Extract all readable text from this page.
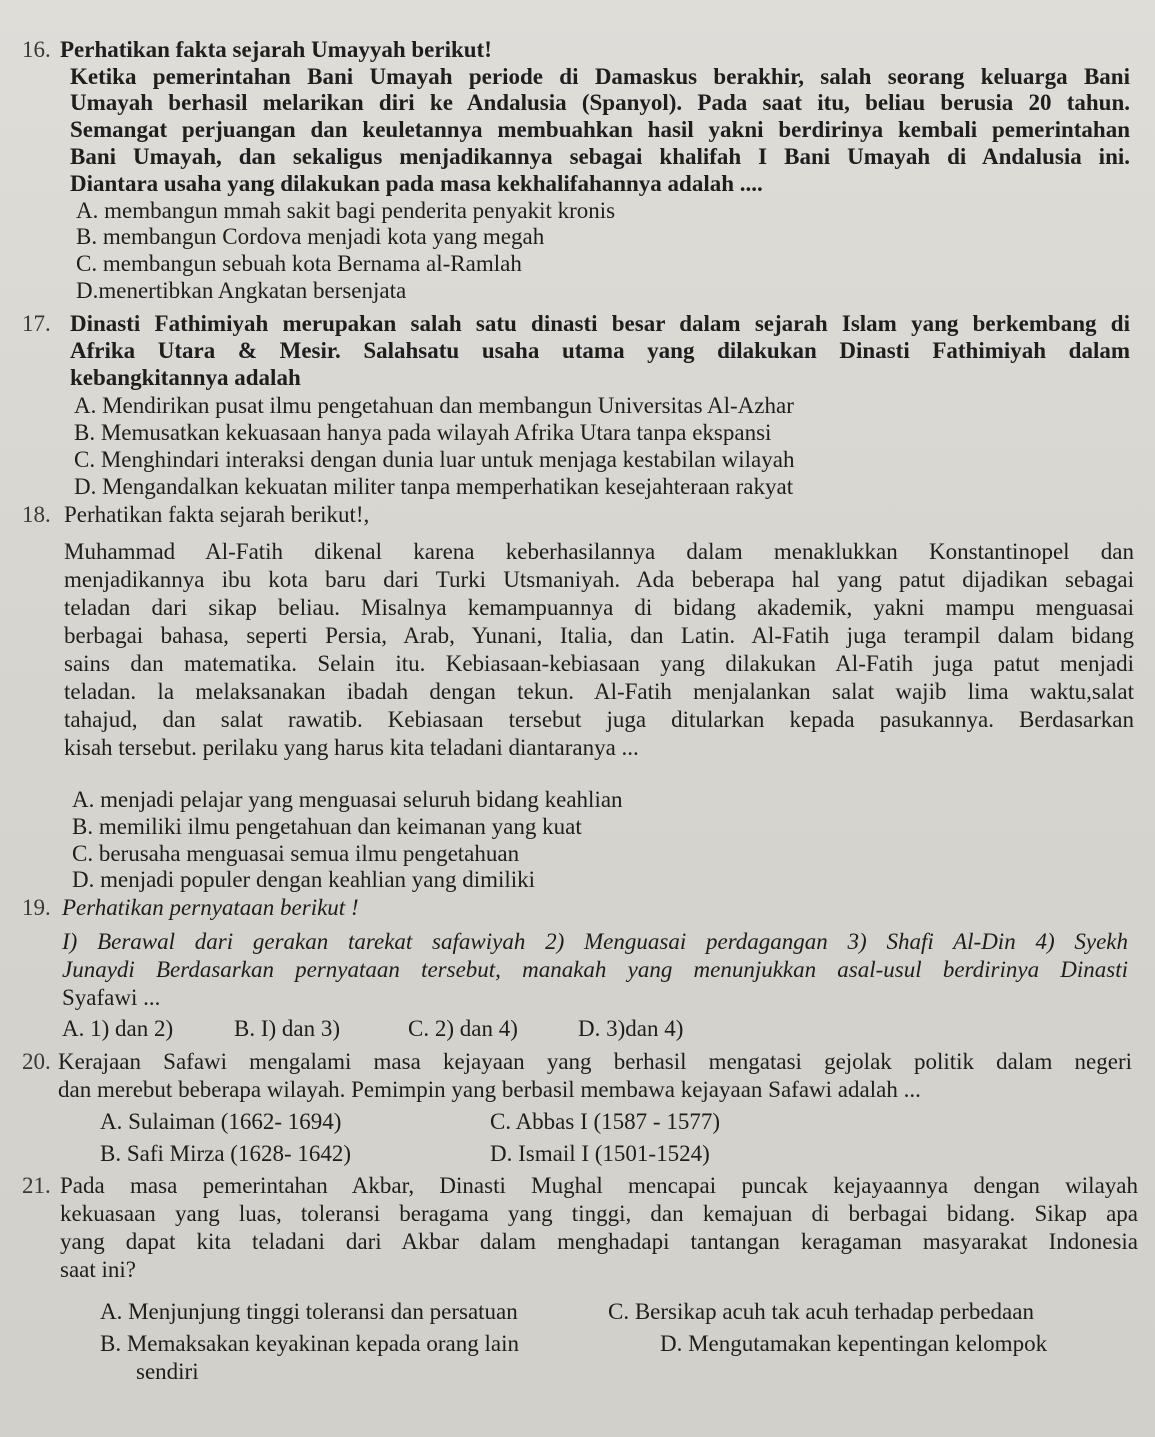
16. Perhatikan fakta sejarah Umayyah berikut!
Ketika pemerintahan Bani Umayah periode di Damaskus berakhir, salah seorang keluarga Bani
Umayah berhasil melarikan diri ke Andalusia (Spanyol). Pada saat itu, beliau berusia 20 tahun.
Semangat perjuangan dan keuletannya membuahkan hasil yakni berdirinya kembali pemerintahan
Bani Umayah, dan sekaligus menjadikannya sebagai khalifah I Bani Umayah di Andalusia ini.
Diantara usaha yang dilakukan pada masa kekhalifahannya adalah ....
A. membangun mmah sakit bagi penderita penyakit kronis
B. membangun Cordova menjadi kota yang megah
C. membangun sebuah kota Bernama al-Ramlah
D.menertibkan Angkatan bersenjata
17. Dinasti Fathimiyah merupakan salah satu dinasti besar dalam sejarah Islam yang berkembang di
Afrika Utara & Mesir. Salahsatu usaha utama yang dilakukan Dinasti Fathimiyah dalam
kebangkitannya adalah
A. Mendirikan pusat ilmu pengetahuan dan membangun Universitas Al-Azhar
B. Memusatkan kekuasaan hanya pada wilayah Afrika Utara tanpa ekspansi
C. Menghindari interaksi dengan dunia luar untuk menjaga kestabilan wilayah
D. Mengandalkan kekuatan militer tanpa memperhatikan kesejahteraan rakyat
18. Perhatikan fakta sejarah berikut!,
Muhammad Al-Fatih dikenal karena keberhasilannya dalam menaklukkan Konstantinopel dan
menjadikannya ibu kota baru dari Turki Utsmaniyah. Ada beberapa hal yang patut dijadikan sebagai
teladan dari sikap beliau. Misalnya kemampuannya di bidang akademik, yakni mampu menguasai
berbagai bahasa, seperti Persia, Arab, Yunani, Italia, dan Latin. Al-Fatih juga terampil dalam bidang
sains dan matematika. Selain itu. Kebiasaan-kebiasaan yang dilakukan Al-Fatih juga patut menjadi
teladan. la melaksanakan ibadah dengan tekun. Al-Fatih menjalankan salat wajib lima waktu,salat
tahajud, dan salat rawatib. Kebiasaan tersebut juga ditularkan kepada pasukannya. Berdasarkan
kisah tersebut. perilaku yang harus kita teladani diantaranya ...
A. menjadi pelajar yang menguasai seluruh bidang keahlian
B. memiliki ilmu pengetahuan dan keimanan yang kuat
C. berusaha menguasai semua ilmu pengetahuan
D. menjadi populer dengan keahlian yang dimiliki
19. Perhatikan pernyataan berikut !
I) Berawal dari gerakan tarekat safawiyah 2) Menguasai perdagangan 3) Shafi Al-Din 4) Syekh
Junaydi Berdasarkan pernyataan tersebut, manakah yang menunjukkan asal-usul berdirinya Dinasti
Syafawi ...
A. 1) dan 2)	B. I) dan 3)	C. 2) dan 4)	D. 3)dan 4)
20. Kerajaan Safawi mengalami masa kejayaan yang berhasil mengatasi gejolak politik dalam negeri
dan merebut beberapa wilayah. Pemimpin yang berbasil membawa kejayaan Safawi adalah ...
A. Sulaiman (1662- 1694)	C. Abbas I (1587 - 1577)
B. Safi Mirza (1628- 1642)	D. Ismail I (1501-1524)
21. Pada masa pemerintahan Akbar, Dinasti Mughal mencapai puncak kejayaannya dengan wilayah
kekuasaan yang luas, toleransi beragama yang tinggi, dan kemajuan di berbagai bidang. Sikap apa
yang dapat kita teladani dari Akbar dalam menghadapi tantangan keragaman masyarakat Indonesia
saat ini?
A. Menjunjung tinggi toleransi dan persatuan	C. Bersikap acuh tak acuh terhadap perbedaan
B. Memaksakan keyakinan kepada orang lain	D. Mengutamakan kepentingan kelompok
sendiri
